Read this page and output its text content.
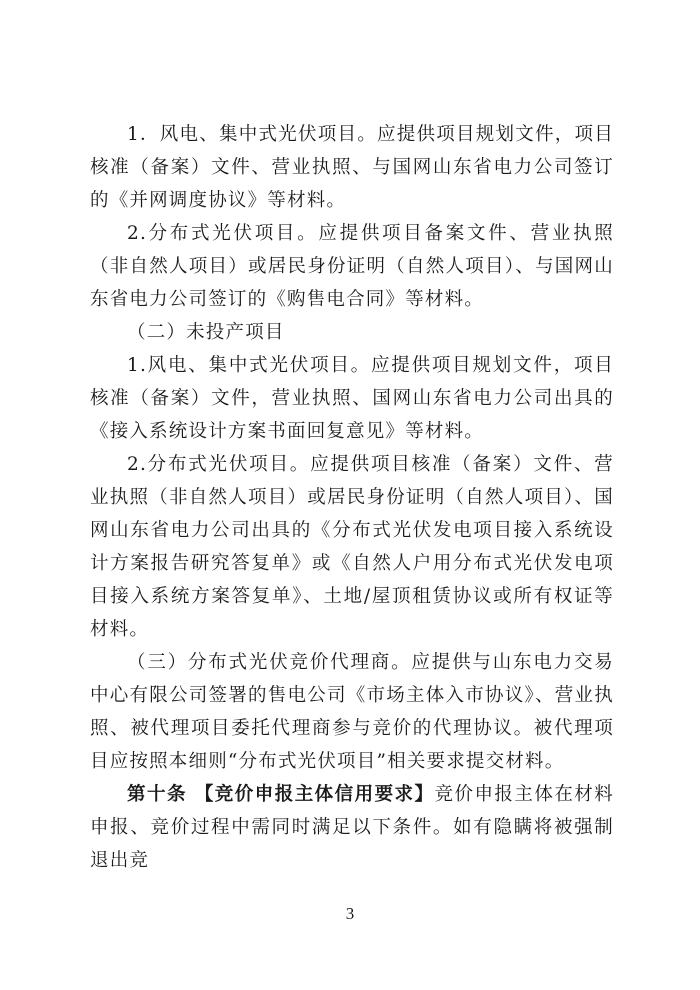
1．风电、集中式光伏项目。应提供项目规划文件，项目核准（备案）文件、营业执照、与国网山东省电力公司签订的《并网调度协议》等材料。

2.分布式光伏项目。应提供项目备案文件、营业执照（非自然人项目）或居民身份证明（自然人项目）、与国网山东省电力公司签订的《购售电合同》等材料。

（二）未投产项目

1.风电、集中式光伏项目。应提供项目规划文件，项目核准（备案）文件，营业执照、国网山东省电力公司出具的《接入系统设计方案书面回复意见》等材料。

2.分布式光伏项目。应提供项目核准（备案）文件、营业执照（非自然人项目）或居民身份证明（自然人项目）、国网山东省电力公司出具的《分布式光伏发电项目接入系统设计方案报告研究答复单》或《自然人户用分布式光伏发电项目接入系统方案答复单》、土地/屋顶租赁协议或所有权证等材料。

（三）分布式光伏竞价代理商。应提供与山东电力交易中心有限公司签署的售电公司《市场主体入市协议》、营业执照、被代理项目委托代理商参与竞价的代理协议。被代理项目应按照本细则“分布式光伏项目”相关要求提交材料。

第十条 【竞价申报主体信用要求】竞价申报主体在材料申报、竞价过程中需同时满足以下条件。如有隐瞒将被强制退出竞

3
